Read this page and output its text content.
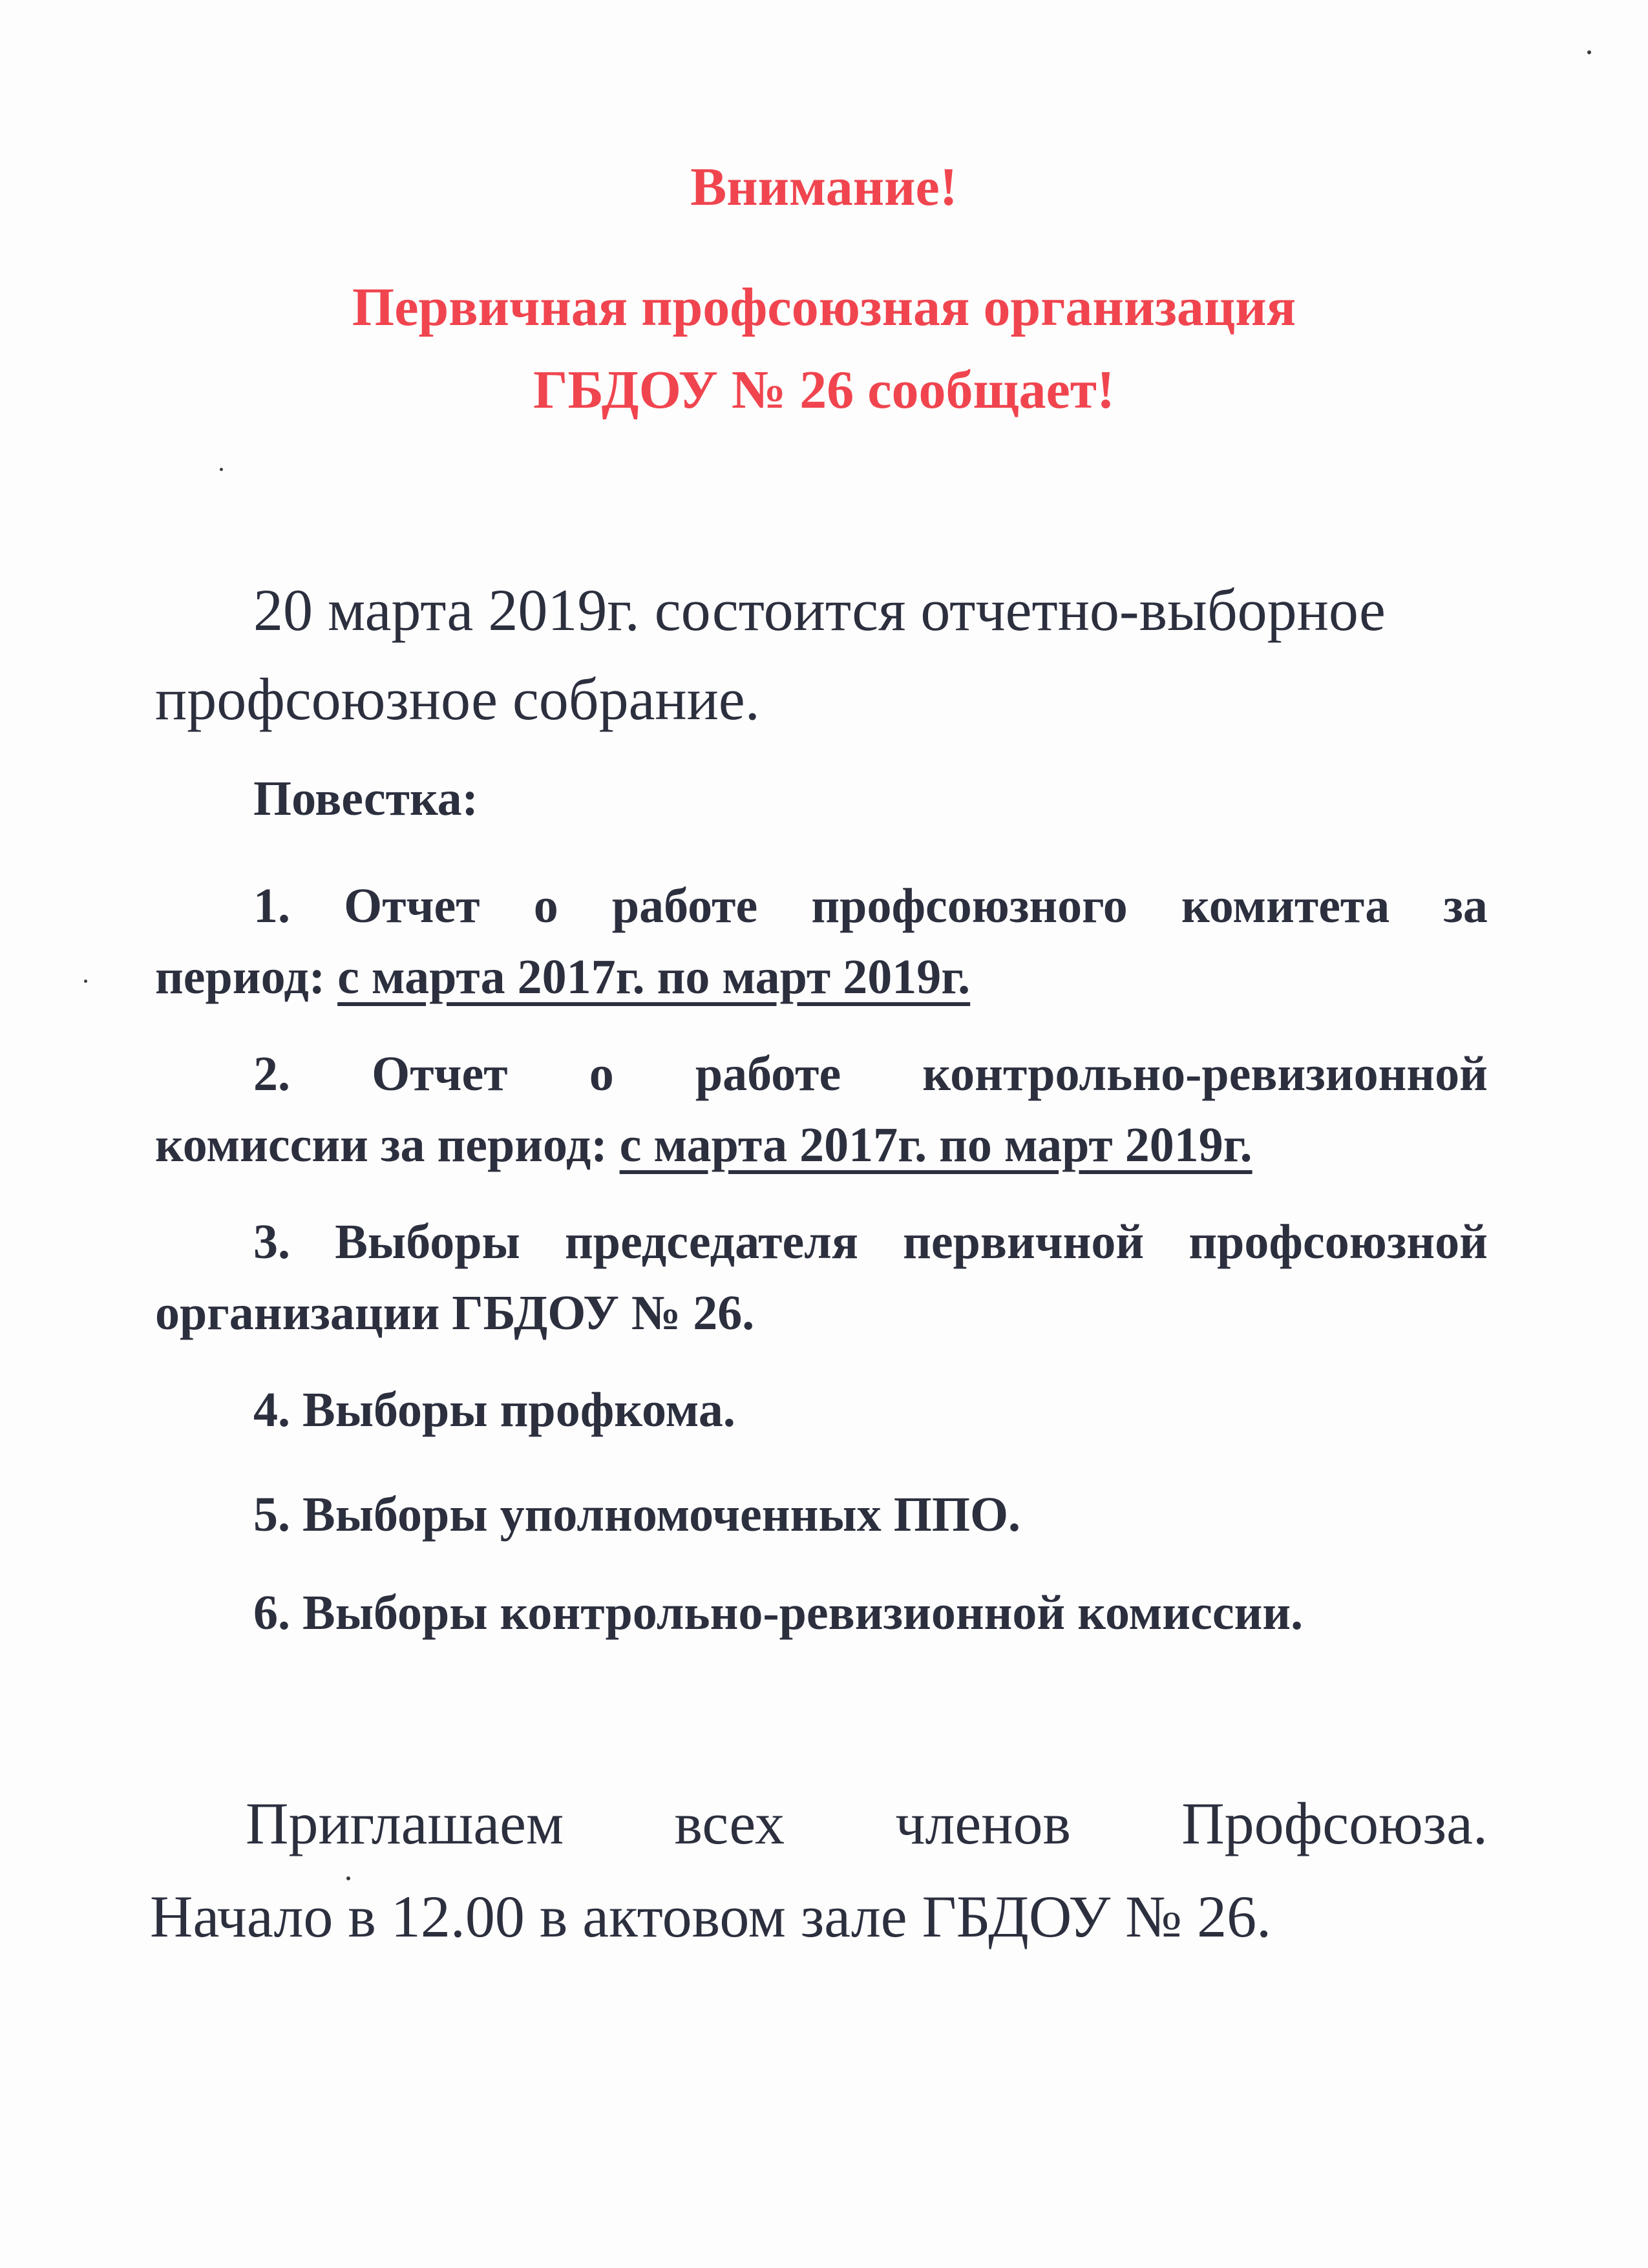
Внимание!
Первичная профсоюзная организация
ГБДОУ № 26 сообщает!
20 марта 2019г. состоится отчетно-выборное
профсоюзное собрание.
Повестка:
1. Отчет о работе профсоюзного комитета за
период: с марта 2017г. по март 2019г.
2. Отчет о работе контрольно-ревизионной
комиссии за период: с марта 2017г. по март 2019г.
3. Выборы председателя первичной профсоюзной
организации ГБДОУ № 26.
4. Выборы профкома.
5. Выборы уполномоченных ППО.
6. Выборы контрольно-ревизионной комиссии.
Приглашаем всех членов Профсоюза.
Начало в 12.00 в актовом зале ГБДОУ № 26.
